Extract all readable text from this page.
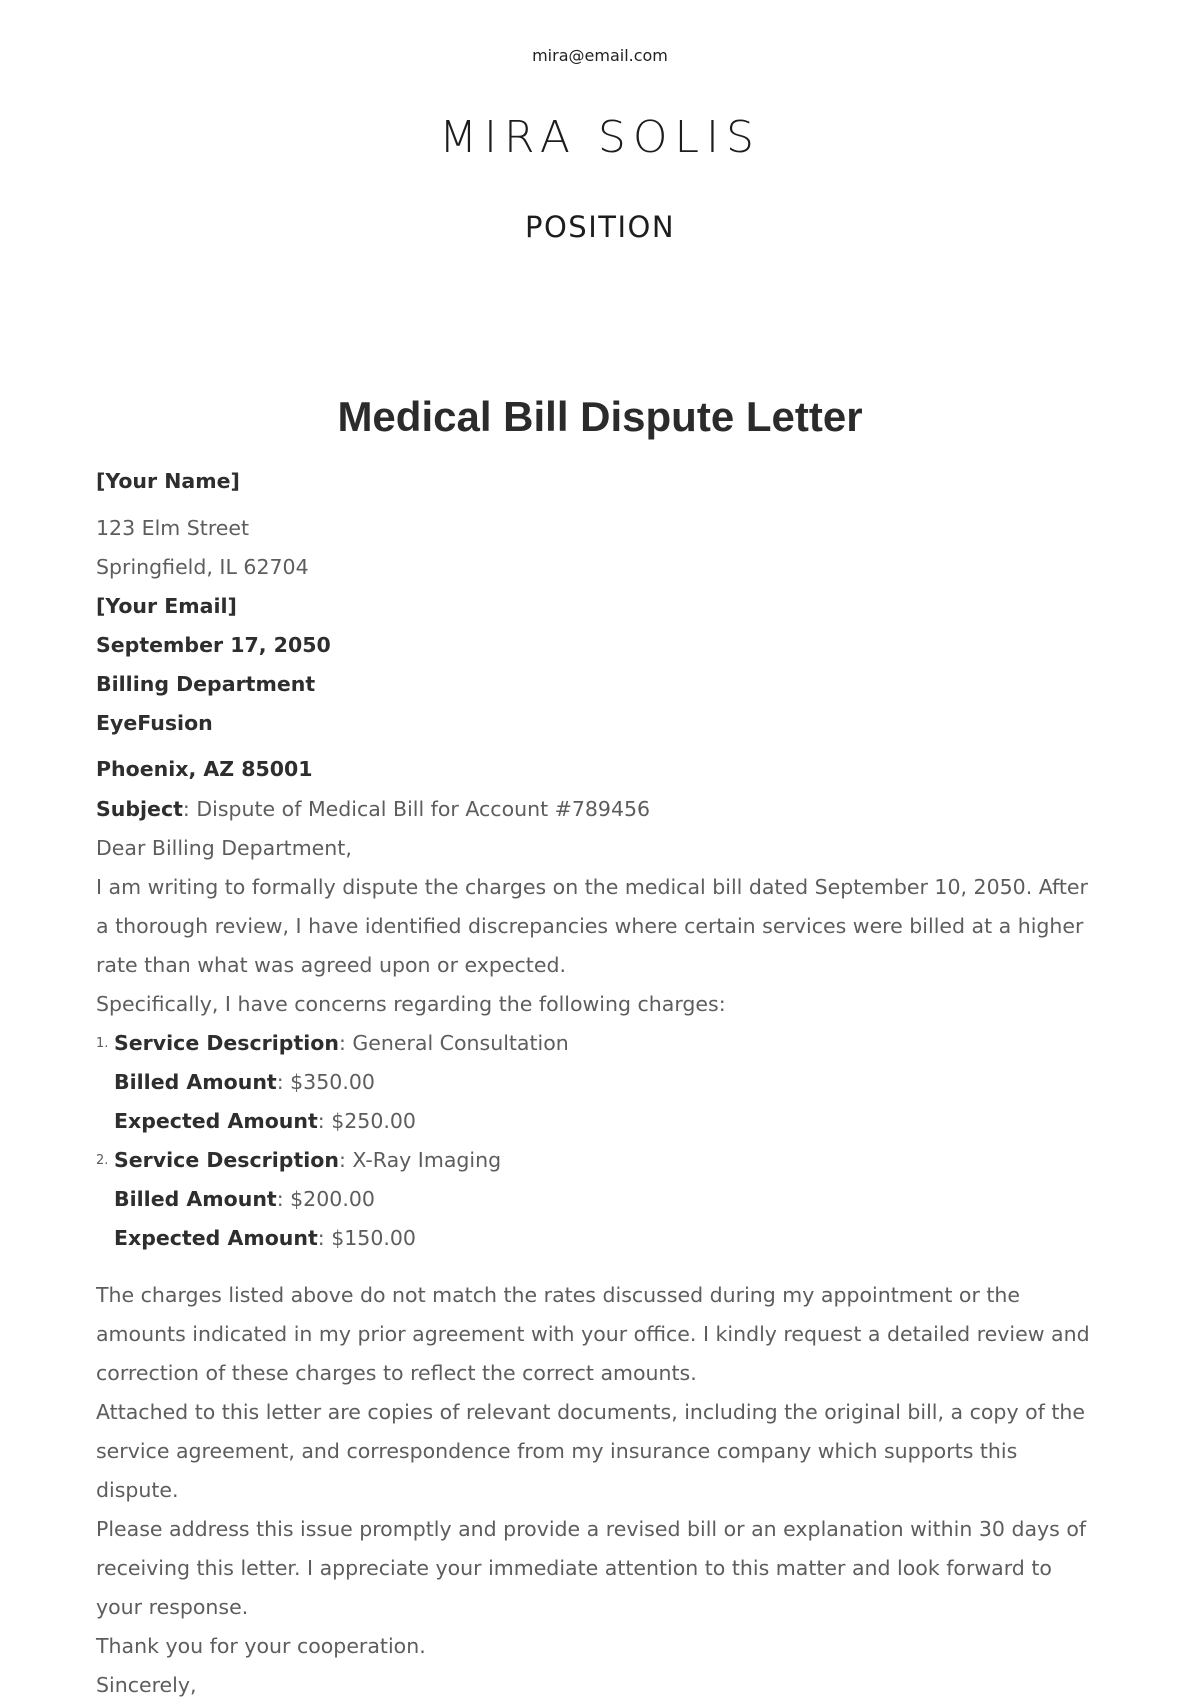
mira@email.com
MIRA SOLIS
POSITION
Medical Bill Dispute Letter
[Your Name]
123 Elm Street
Springfield, IL 62704
[Your Email]
September 17, 2050
Billing Department
EyeFusion
Phoenix, AZ 85001
Subject: Dispute of Medical Bill for Account #789456
Dear Billing Department,

I am writing to formally dispute the charges on the medical bill dated September 10, 2050. After a thorough review, I have identified discrepancies where certain services were billed at a higher rate than what was agreed upon or expected.

Specifically, I have concerns regarding the following charges:
1. Service Description: General Consultation
Billed Amount: $350.00
Expected Amount: $250.00
2. Service Description: X-Ray Imaging
Billed Amount: $200.00
Expected Amount: $150.00

The charges listed above do not match the rates discussed during my appointment or the amounts indicated in my prior agreement with your office. I kindly request a detailed review and correction of these charges to reflect the correct amounts.

Attached to this letter are copies of relevant documents, including the original bill, a copy of the service agreement, and correspondence from my insurance company which supports this dispute.

Please address this issue promptly and provide a revised bill or an explanation within 30 days of receiving this letter. I appreciate your immediate attention to this matter and look forward to your response.

Thank you for your cooperation.
Sincerely,
